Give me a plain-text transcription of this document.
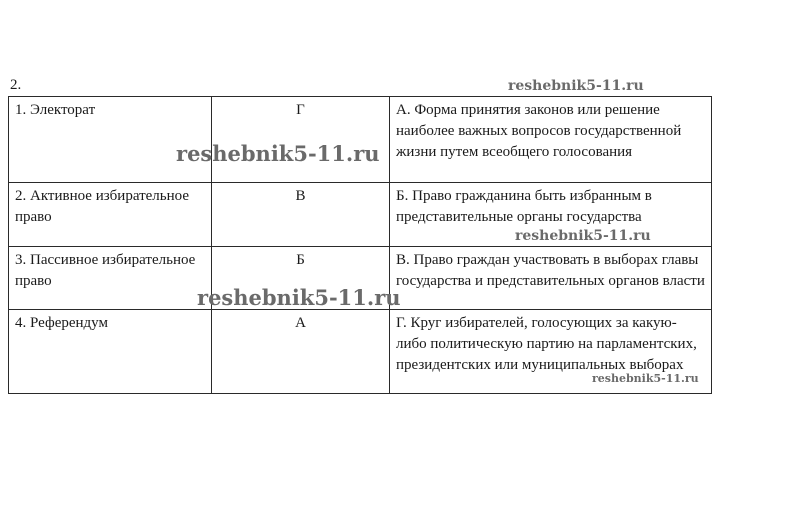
2.
1. Электорат	Г	А. Форма принятия законов или решение наиболее важных вопросов государственной жизни путем всеобщего голосования
2. Активное избирательное право	В	Б. Право гражданина быть избранным в представительные органы государства
3. Пассивное избирательное право	Б	В. Право граждан участвовать в выборах главы государства и представительных органов власти
4. Референдум	А	Г. Круг избирателей, голосующих за какую-либо политическую партию на парламентских, президентских или муниципальных выборах
reshebnik5-11.ru
reshebnik5-11.ru
reshebnik5-11.ru
reshebnik5-11.ru
reshebnik5-11.ru
